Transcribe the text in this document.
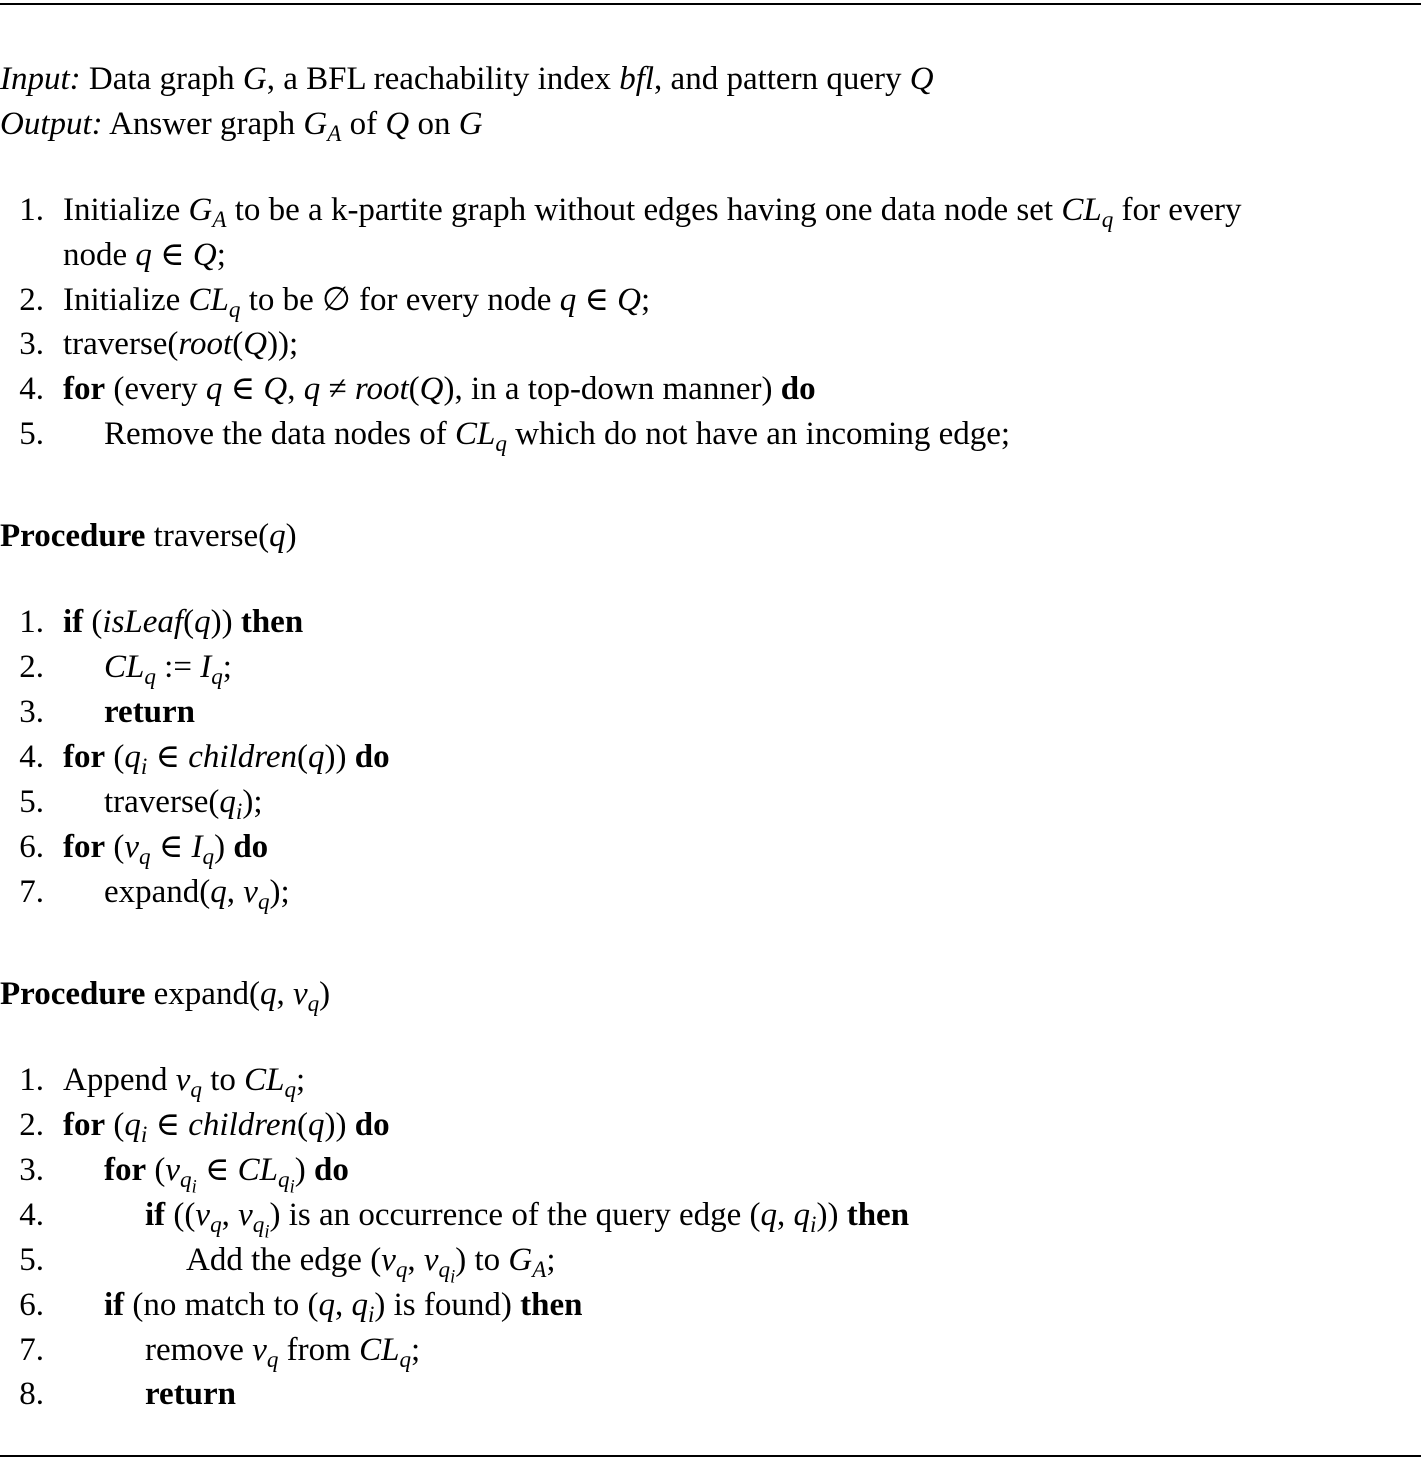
Input: Data graph G, a BFL reachability index bfl, and pattern query Q
Output: Answer graph $G_A$ of Q on G
1. Initialize $G_A$ to be a k-partite graph without edges having one data node set $CL_q$ for every
node q ∈ Q;
2. Initialize $CL_q$ to be ∅ for every node q ∈ Q;
3. traverse(root(Q));
4. for (every q ∈ Q, q ≠ root(Q), in a top-down manner) do
5.	Remove the data nodes of $CL_q$ which do not have an incoming edge;
Procedure traverse(q)
1. if (isLeaf(q)) then
2.	$CL_q$ := $I_q$;
3.	return
4. for ($q_i$ ∈ children(q)) do
5.	$traverse(q_i)$;
6. for ($v_q$ ∈ $I_q$) do
7.	expand(q, $v_q$);
Procedure expand(q, $v_q$)
1. Append $v_q$ to $CL_q$;
2. for ($q_i$ ∈ children(q)) do
3.	for ($v_{q_i}$ ∈ $CL_{q_i}$) do
4.	if (($v_q$, $v_{q_i}$) is an occurrence of the query edge (q, $q_i$)) then
5.	Add the edge ($v_q$, $v_{q_i}$) to $G_A$;
6.	if (no match to (q, $q_i$) is found) then
7.	remove $v_q$ from $CL_q$;
8.	return
